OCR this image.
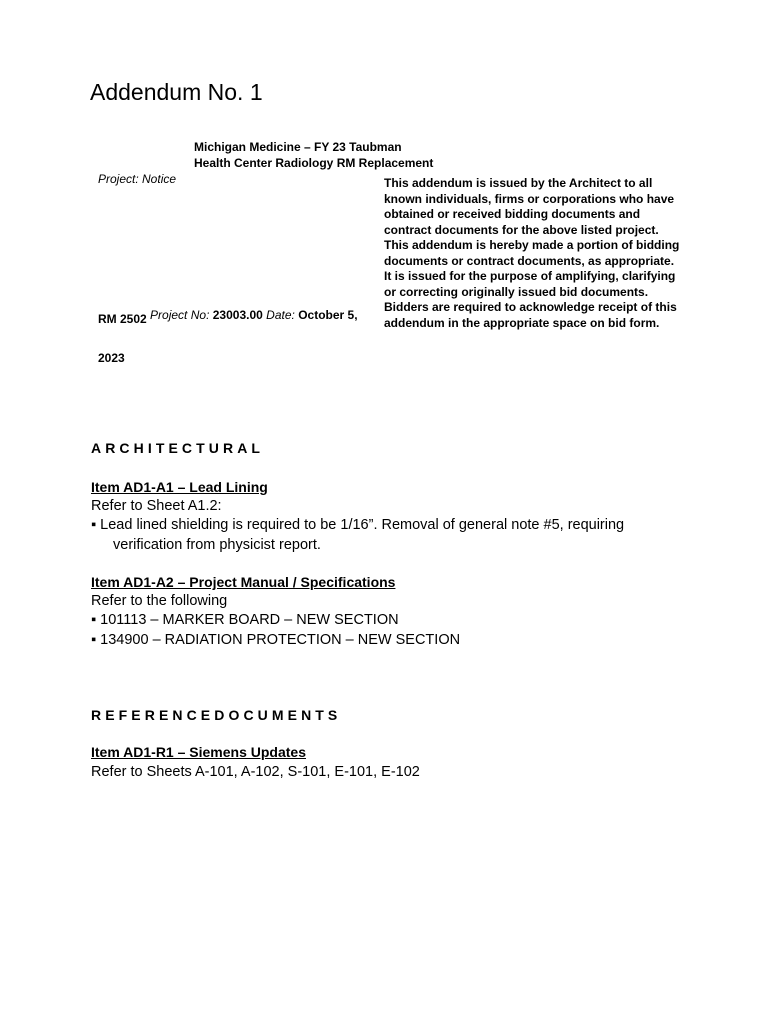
Addendum No. 1
Michigan Medicine – FY 23 Taubman
Health Center Radiology RM Replacement
Project: Notice	This addendum is issued by the Architect to all known individuals, firms or corporations who have obtained or received bidding documents and contract documents for the above listed project. This addendum is hereby made a portion of bidding documents or contract documents, as appropriate. It is issued for the purpose of amplifying, clarifying or correcting originally issued bid documents. Bidders are required to acknowledge receipt of this addendum in the appropriate space on bid form.
RM 2502 Project No: 23003.00 Date: October 5,
2023
ARCHITECTURAL
Item AD1-A1 – Lead Lining
Refer to Sheet A1.2:
▪ Lead lined shielding is required to be 1/16”. Removal of general note #5, requiring
verification from physicist report.
Item AD1-A2 – Project Manual / Specifications
Refer to the following
▪ 101113 – MARKER BOARD – NEW SECTION
▪ 134900 – RADIATION PROTECTION – NEW SECTION
REFERENCEDOCUMENTS
Item AD1-R1 – Siemens Updates
Refer to Sheets A-101, A-102, S-101, E-101, E-102
